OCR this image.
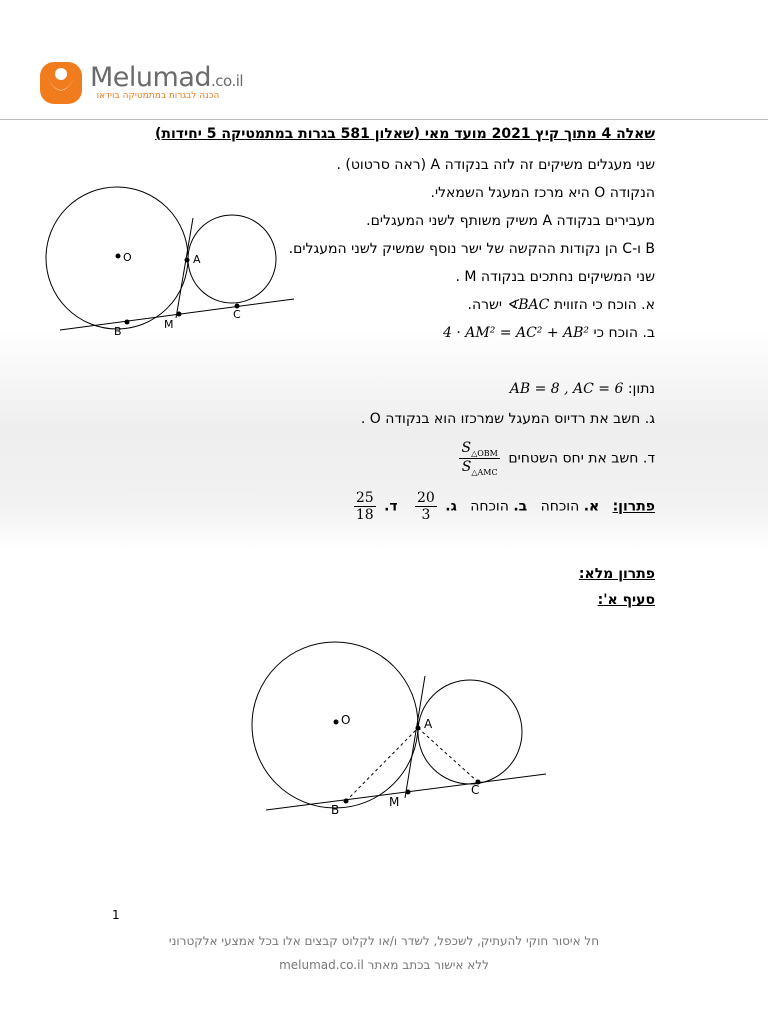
Melumad.co.il
הכנה לבגרות במתמטיקה בוידאו
שאלה 4 מתוך קיץ 2021 מועד מאי (שאלון 581 בגרות במתמטיקה 5 יחידות)
שני מעגלים משיקים זה לזה בנקודה A (ראה סרטוט) .
הנקודה O היא מרכז המעגל השמאלי.
מעבירים בנקודה A משיק משותף לשני המעגלים.
B ו-C הן נקודות ההקשה של ישר נוסף שמשיק לשני המעגלים.
שני המשיקים נחתכים בנקודה M .
א. הוכח כי הזווית ∢BAC ישרה.
ב. הוכח כי 4 · AM² = AC² + AB²
נתון: AB = 8 , AC = 6
ג. חשב את רדיוס המעגל שמרכזו הוא בנקודה O .
ד. חשב את יחס השטחים
$\frac{S_{\triangle OBM}}{S_{\triangle AMC}}$
פתרון:   א. הוכחה   ב. הוכחה   ג.
$\frac{20}{3}$
ד.
$\frac{25}{18}$
פתרון מלא:
סעיף א':
O	A
B
M
C
O	A
B
M
C
1
חל איסור חוקי להעתיק, לשכפל, לשדר ו/או לקלוט קבצים אלו בכל אמצעי אלקטרוני
ללא אישור בכתב מאתר melumad.co.il
